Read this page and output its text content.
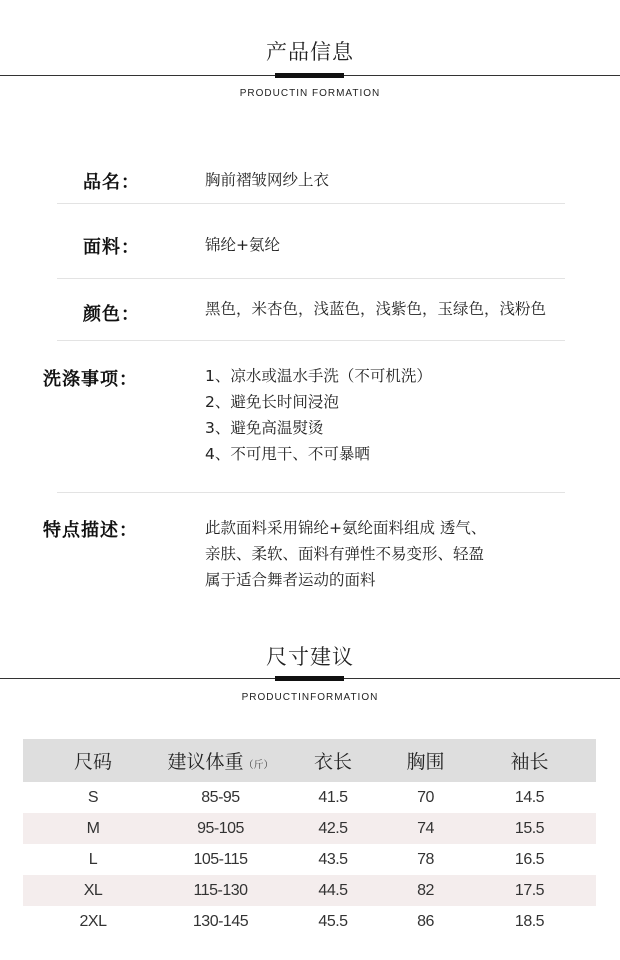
产品信息
PRODUCTIN FORMATION
品名：	胸前褶皱网纱上衣
面料：	锦纶+氨纶
颜色：	黑色，米杏色，浅蓝色，浅紫色，玉绿色，浅粉色
洗涤事项：	1、凉水或温水手洗（不可机洗）
2、避免长时间浸泡
3、避免高温熨烫
4、不可甩干、不可暴晒
特点描述：	此款面料采用锦纶+氨纶面料组成 透气、
亲肤、柔软、面料有弹性不易变形、轻盈
属于适合舞者运动的面料
尺寸建议
PRODUCTINFORMATION
尺码	建议体重（斤）	衣长	胸围	袖长
S	85-95	41.5	70	14.5
M	95-105	42.5	74	15.5
L	105-115	43.5	78	16.5
XL	115-130	44.5	82	17.5
2XL	130-145	45.5	86	18.5
